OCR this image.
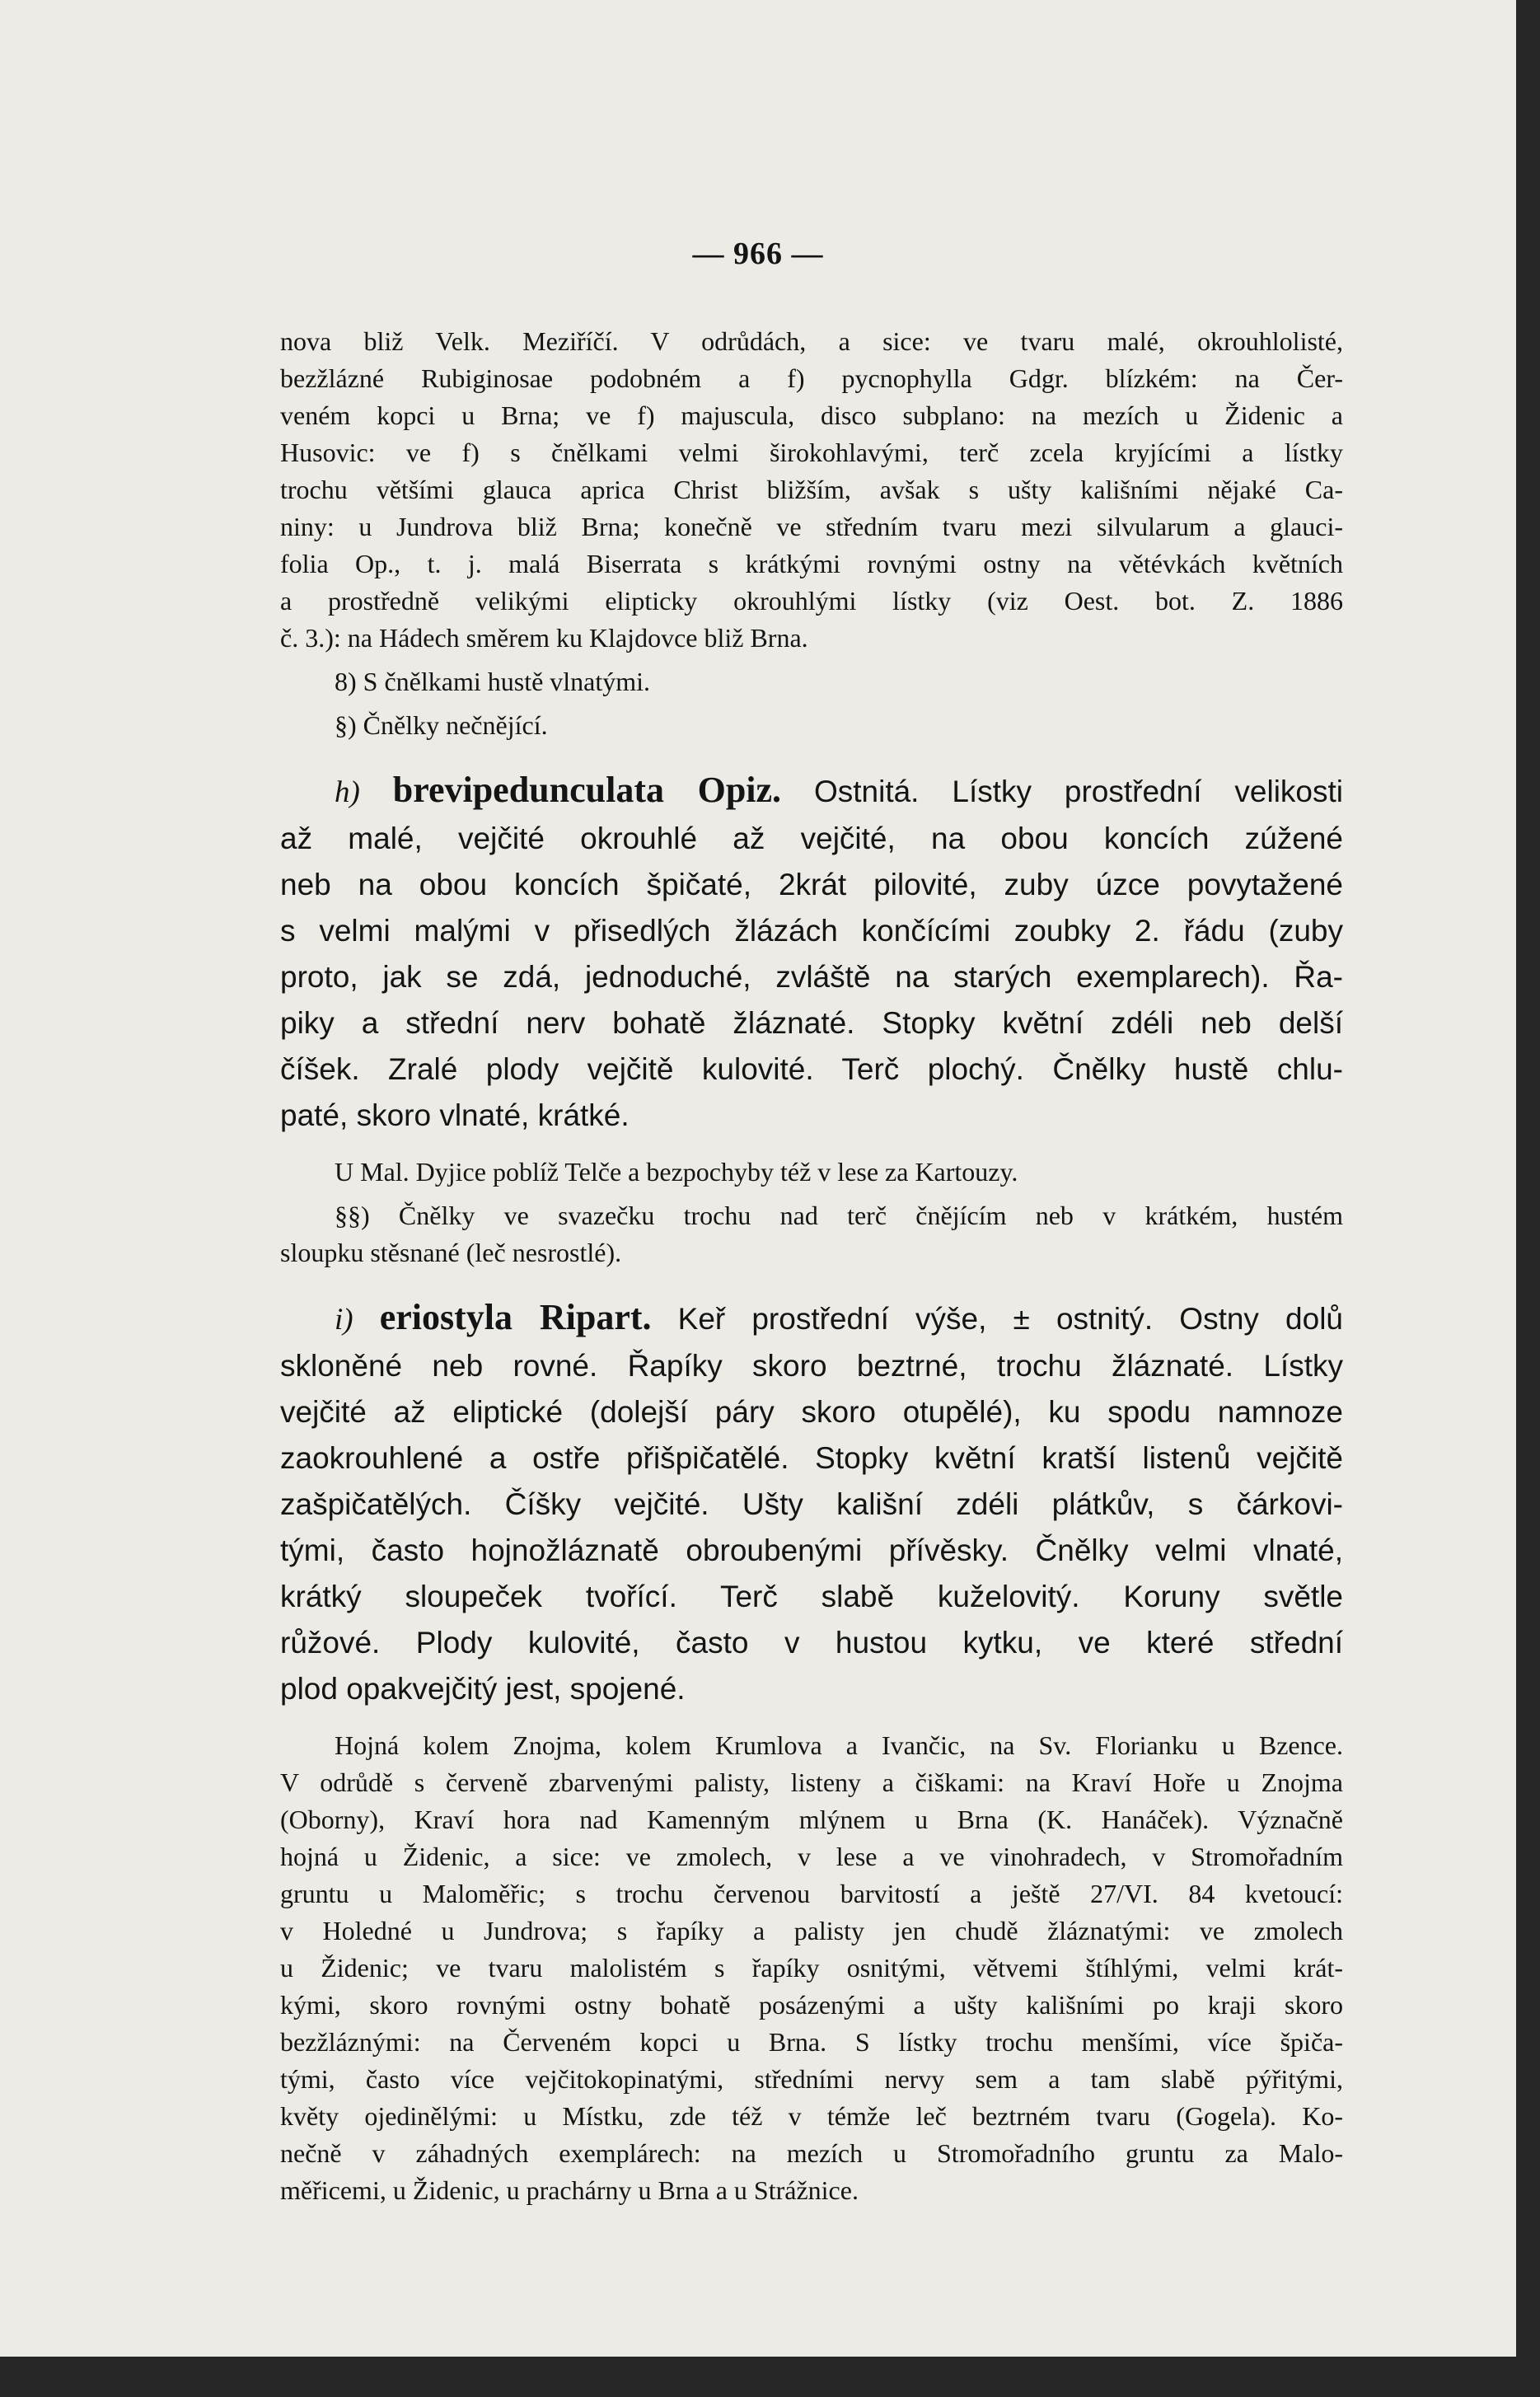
— 966 —
nova bliž Velk. Meziříčí. V odrůdách, a sice: ve tvaru malé, okrouhlolisté,
bezžlázné Rubiginosae podobném a f) pycnophylla Gdgr. blízkém: na Čer-
veném kopci u Brna; ve f) majuscula, disco subplano: na mezích u Židenic a
Husovic: ve f) s čnělkami velmi širokohlavými, terč zcela kryjícími a lístky
trochu většími glauca aprica Christ bližším, avšak s ušty kališními nějaké Ca-
niny: u Jundrova bliž Brna; konečně ve středním tvaru mezi silvularum a glauci-
folia Op., t. j. malá Biserrata s krátkými rovnými ostny na větévkách květních
a prostředně velikými elipticky okrouhlými lístky (viz Oest. bot. Z. 1886
č. 3.): na Hádech směrem ku Klajdovce bliž Brna.
8) S čnělkami hustě vlnatými.
§) Čnělky nečnějící.
h) brevipedunculata Opiz. Ostnitá. Lístky prostřední velikosti
až malé, vejčité okrouhlé až vejčité, na obou koncích zúžené
neb na obou koncích špičaté, 2krát pilovité, zuby úzce povytažené
s velmi malými v přisedlých žlázách končícími zoubky 2. řádu (zuby
proto, jak se zdá, jednoduché, zvláště na starých exemplarech). Řa-
piky a střední nerv bohatě žláznaté. Stopky květní zdéli neb delší
číšek. Zralé plody vejčitě kulovité. Terč plochý. Čnělky hustě chlu-
paté, skoro vlnaté, krátké.
U Mal. Dyjice poblíž Telče a bezpochyby též v lese za Kartouzy.
§§) Čnělky ve svazečku trochu nad terč čnějícím neb v krátkém, hustém
sloupku stěsnané (leč nesrostlé).
i) eriostyla Ripart. Keř prostřední výše, ± ostnitý. Ostny dolů
skloněné neb rovné. Řapíky skoro beztrné, trochu žláznaté. Lístky
vejčité až eliptické (dolejší páry skoro otupělé), ku spodu namnoze
zaokrouhlené a ostře přišpičatělé. Stopky květní kratší listenů vejčitě
zašpičatělých. Číšky vejčité. Ušty kališní zdéli plátkův, s čárkovi-
tými, často hojnožláznatě obroubenými přívěsky. Čnělky velmi vlnaté,
krátký sloupeček tvořící. Terč slabě kuželovitý. Koruny světle
růžové. Plody kulovité, často v hustou kytku, ve které střední
plod opakvejčitý jest, spojené.
Hojná kolem Znojma, kolem Krumlova a Ivančic, na Sv. Florianku u Bzence.
V odrůdě s červeně zbarvenými palisty, listeny a čiškami: na Kraví Hoře u Znojma
(Oborny), Kraví hora nad Kamenným mlýnem u Brna (K. Hanáček). Význačně
hojná u Židenic, a sice: ve zmolech, v lese a ve vinohradech, v Stromořadním
gruntu u Maloměřic; s trochu červenou barvitostí a ještě 27/VI. 84 kvetoucí:
v Holedné u Jundrova; s řapíky a palisty jen chudě žláznatými: ve zmolech
u Židenic; ve tvaru malolistém s řapíky osnitými, větvemi štíhlými, velmi krát-
kými, skoro rovnými ostny bohatě posázenými a ušty kališními po kraji skoro
bezžláznými: na Červeném kopci u Brna. S lístky trochu menšími, více špiča-
tými, často více vejčitokopinatými, středními nervy sem a tam slabě pýřitými,
květy ojedinělými: u Místku, zde též v témže leč beztrném tvaru (Gogela). Ko-
nečně v záhadných exemplárech: na mezích u Stromořadního gruntu za Malo-
měřicemi, u Židenic, u prachárny u Brna a u Strážnice.
